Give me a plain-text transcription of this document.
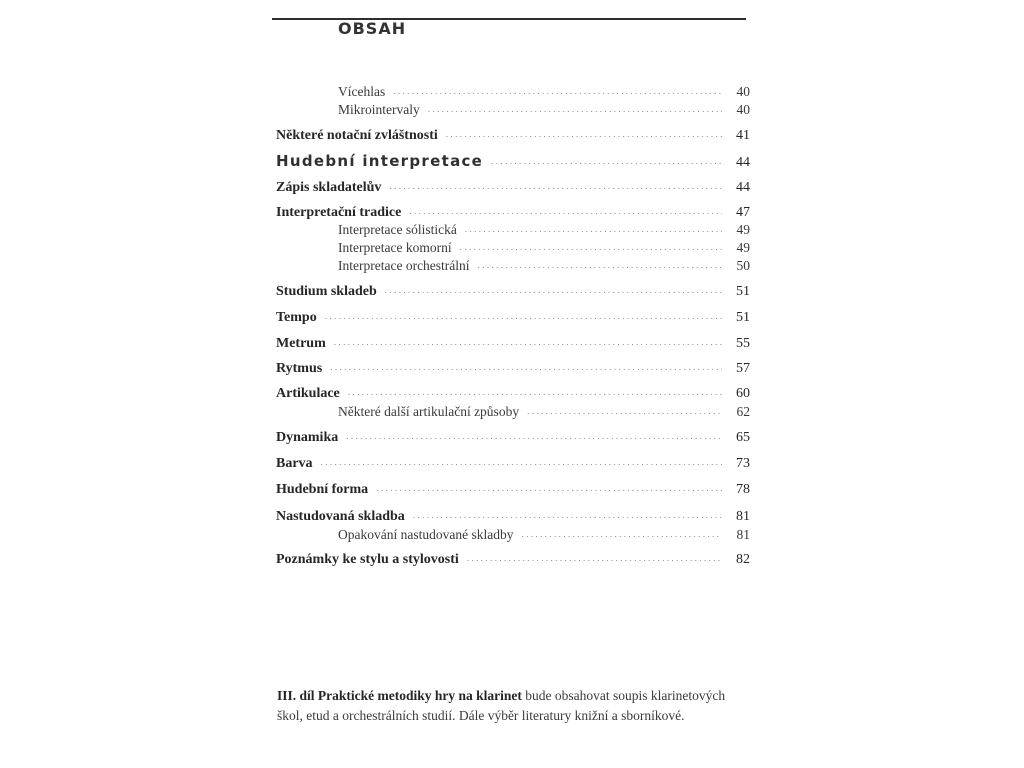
OBSAH
Vícehlas .....	40
Mikrointervaly .....	40
Některé notační zvláštnosti .....	41
Hudební interpretace .....	44
Zápis skladatelův .....	44
Interpretační tradice .....	47
Interpretace sólistická .....	49
Interpretace komorní .....	49
Interpretace orchestrální .....	50
Studium skladeb .....	51
Tempo .....	51
Metrum .....	55
Rytmus .....	57
Artikulace .....	60
Některé další artikulační způsoby .....	62
Dynamika .....	65
Barva .....	73
Hudební forma .....	78
Nastudovaná skladba .....	81
Opakování nastudované skladby .....	81
Poznámky ke stylu a stylovosti .....	82
III. díl Praktické metodiky hry na klarinet bude obsahovat soupis klarinetových škol, etud a orchestrálních studií. Dále výběr literatury knižní a sborníkové.
